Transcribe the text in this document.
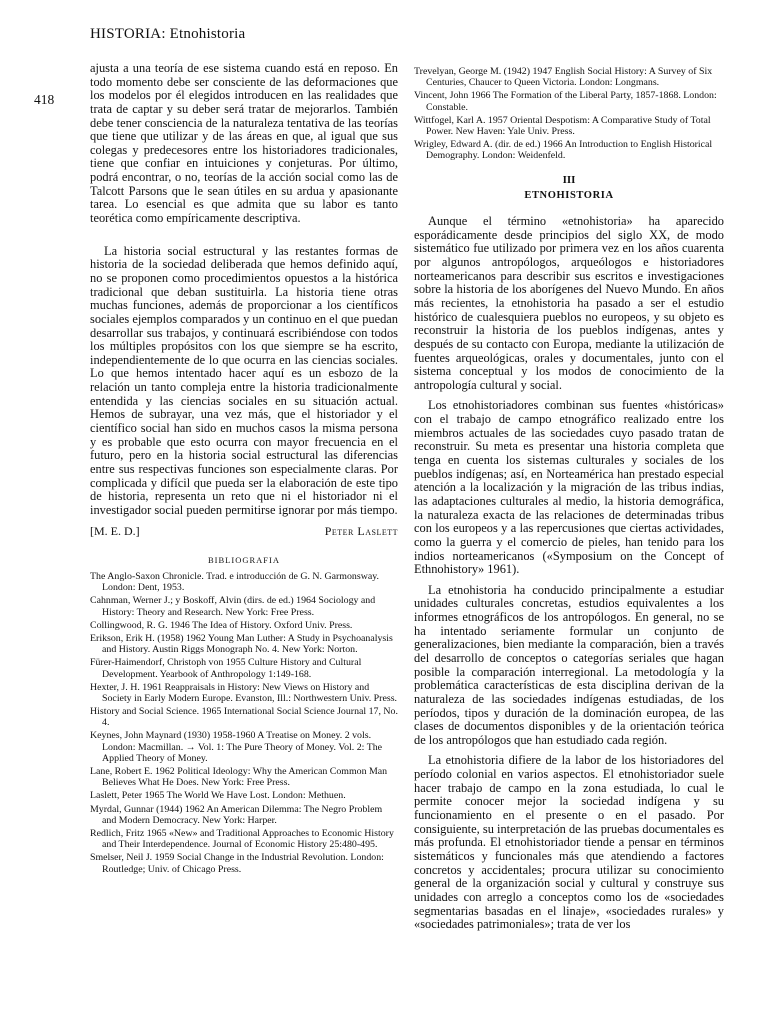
HISTORIA: Etnohistoria
418

ajusta a una teoría de ese sistema cuando está en reposo. En todo momento debe ser consciente de las deformaciones que los modelos por él elegidos introducen en las realidades que trata de captar y su deber será tratar de mejorarlos. También debe tener consciencia de la naturaleza tentativa de las teorías que tiene que utilizar y de las áreas en que, al igual que sus colegas y predecesores entre los historiadores tradicionales, tiene que confiar en intuiciones y conjeturas. Por último, podrá encontrar, o no, teorías de la acción social como las de Talcott Parsons que le sean útiles en su ardua y apasionante tarea. Lo esencial es que admita que su labor es tanto teorética como empíricamente descriptiva.

La historia social estructural y las restantes formas de historia de la sociedad deliberada que hemos definido aquí, no se proponen como procedimientos opuestos a la histórica tradicional que deban sustituirla. La historia tiene otras muchas funciones, además de proporcionar a los científicos sociales ejemplos comparados y un continuo en el que puedan desarrollar sus trabajos, y continuará escribiéndose con todos los múltiples propósitos con los que siempre se ha escrito, independientemente de lo que ocurra en las ciencias sociales. Lo que hemos intentado hacer aquí es un esbozo de la relación un tanto compleja entre la historia tradicionalmente entendida y las ciencias sociales en su situación actual. Hemos de subrayar, una vez más, que el historiador y el científico social han sido en muchos casos la misma persona y es probable que esto ocurra con mayor frecuencia en el futuro, pero en la historia social estructural las diferencias entre sus respectivas funciones son especialmente claras. Por complicada y difícil que pueda ser la elaboración de este tipo de historia, representa un reto que ni el historiador ni el investigador social pueden permitirse ignorar por más tiempo.

[M. E. D.]	Peter Laslett
BIBLIOGRAFIA
The Anglo-Saxon Chronicle. Trad. e introducción de G. N. Garmonsway. London: Dent, 1953.
Cahnman, Werner J.; y Boskoff, Alvin (dirs. de ed.) 1964 Sociology and History: Theory and Research. New York: Free Press.
Collingwood, R. G. 1946 The Idea of History. Oxford Univ. Press.
Erikson, Erik H. (1958) 1962 Young Man Luther: A Study in Psychoanalysis and History. Austin Riggs Monograph No. 4. New York: Norton.
Fürer-Haimendorf, Christoph von 1955 Culture History and Cultural Development. Yearbook of Anthropology 1:149-168.
Hexter, J. H. 1961 Reappraisals in History: New Views on History and Society in Early Modern Europe. Evanston, Ill.: Northwestern Univ. Press.
History and Social Science. 1965 International Social Science Journal 17, No. 4.
Keynes, John Maynard (1930) 1958-1960 A Treatise on Money. 2 vols. London: Macmillan. → Vol. 1: The Pure Theory of Money. Vol. 2: The Applied Theory of Money.
Lane, Robert E. 1962 Political Ideology: Why the American Common Man Believes What He Does. New York: Free Press.
Laslett, Peter 1965 The World We Have Lost. London: Methuen.
Myrdal, Gunnar (1944) 1962 An American Dilemma: The Negro Problem and Modern Democracy. New York: Harper.
Redlich, Fritz 1965 «New» and Traditional Approaches to Economic History and Their Interdependence. Journal of Economic History 25:480-495.
Smelser, Neil J. 1959 Social Change in the Industrial Revolution. London: Routledge; Univ. of Chicago Press.
Trevelyan, George M. (1942) 1947 English Social History: A Survey of Six Centuries, Chaucer to Queen Victoria. London: Longmans.
Vincent, John 1966 The Formation of the Liberal Party, 1857-1868. London: Constable.
Wittfogel, Karl A. 1957 Oriental Despotism: A Comparative Study of Total Power. New Haven: Yale Univ. Press.
Wrigley, Edward A. (dir. de ed.) 1966 An Introduction to English Historical Demography. London: Weidenfeld.
III
ETNOHISTORIA

Aunque el término «etnohistoria» ha aparecido esporádicamente desde principios del siglo XX, de modo sistemático fue utilizado por primera vez en los años cuarenta por algunos antropólogos, arqueólogos e historiadores norteamericanos para describir sus escritos e investigaciones sobre la historia de los aborígenes del Nuevo Mundo. En años más recientes, la etnohistoria ha pasado a ser el estudio histórico de cualesquiera pueblos no europeos, y su objeto es reconstruir la historia de los pueblos indígenas, antes y después de su contacto con Europa, mediante la utilización de fuentes arqueológicas, orales y documentales, junto con el sistema conceptual y los modos de conocimiento de la antropología cultural y social.

Los etnohistoriadores combinan sus fuentes «históricas» con el trabajo de campo etnográfico realizado entre los miembros actuales de las sociedades cuyo pasado tratan de reconstruir. Su meta es presentar una historia completa que tenga en cuenta los sistemas culturales y sociales de los pueblos indígenas; así, en Norteamérica han prestado especial atención a la localización y la migración de las tribus indias, las adaptaciones culturales al medio, la historia demográfica, la naturaleza exacta de las relaciones de determinadas tribus con los europeos y a las repercusiones que ciertas actividades, como la guerra y el comercio de pieles, han tenido para los indios norteamericanos («Symposium on the Concept of Ethnohistory» 1961).

La etnohistoria ha conducido principalmente a estudiar unidades culturales concretas, estudios equivalentes a los informes etnográficos de los antropólogos. En general, no se ha intentado seriamente formular un conjunto de generalizaciones, bien mediante la comparación, bien a través del desarrollo de conceptos o categorías seriales que hagan posible la comparación interregional. La metodología y la problemática características de esta disciplina derivan de la naturaleza de las sociedades indígenas estudiadas, de los períodos, tipos y duración de la dominación europea, de las clases de documentos disponibles y de la orientación teórica de los antropólogos que han estudiado cada región.

La etnohistoria difiere de la labor de los historiadores del período colonial en varios aspectos. El etnohistoriador suele hacer trabajo de campo en la zona estudiada, lo cual le permite conocer mejor la sociedad indígena y su funcionamiento en el presente o en el pasado. Por consiguiente, su interpretación de las pruebas documentales es más profunda. El etnohistoriador tiende a pensar en términos sistemáticos y funcionales más que atendiendo a factores concretos y accidentales; procura utilizar su conocimiento general de la organización social y cultural y construye sus unidades con arreglo a conceptos como los de «sociedades segmentarias basadas en el linaje», «sociedades rurales» y «sociedades patrimoniales»; trata de ver los
